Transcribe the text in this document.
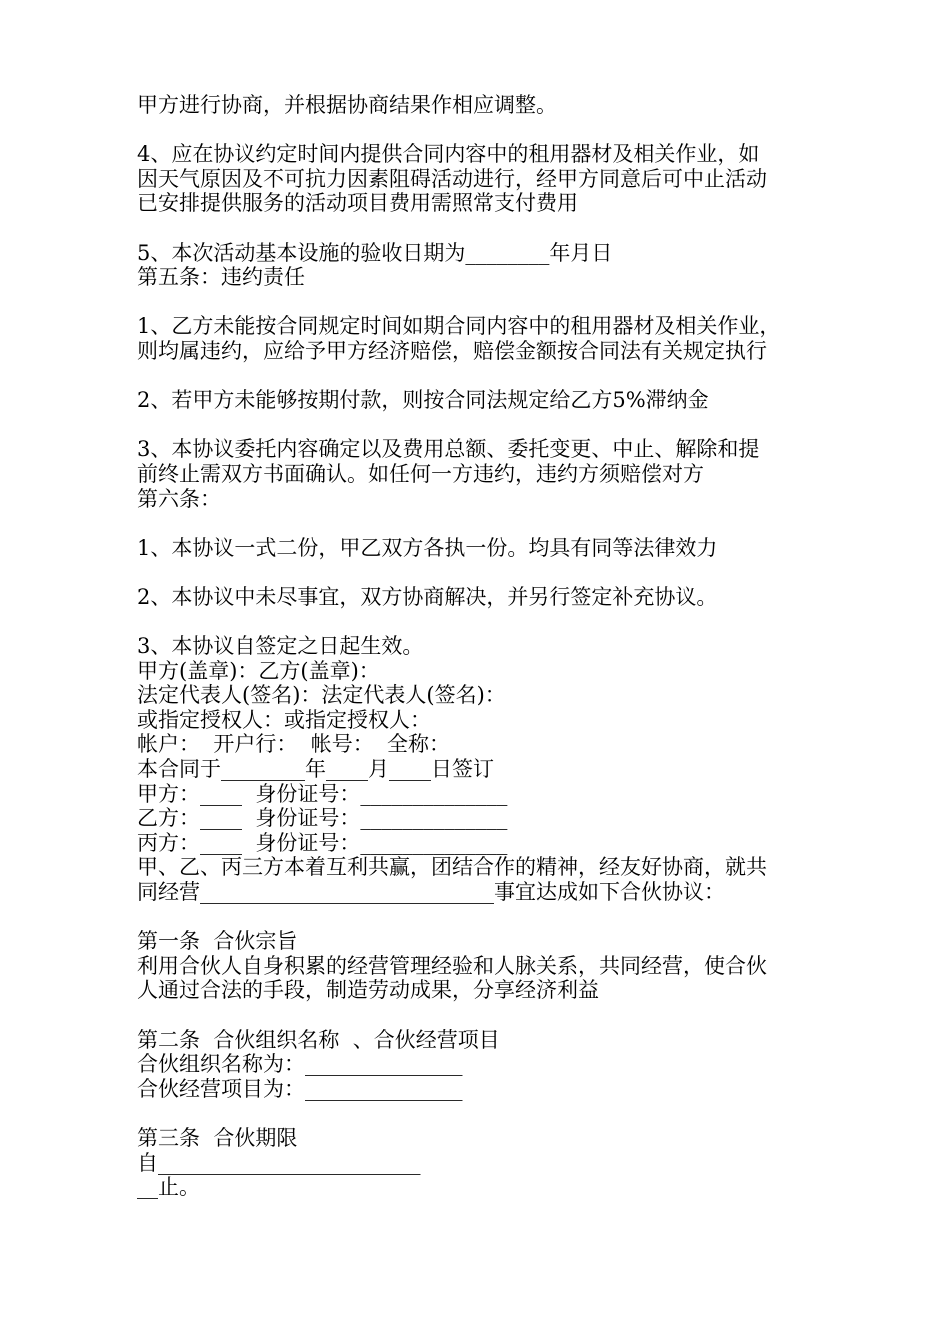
甲方进行协商，并根据协商结果作相应调整。
4、应在协议约定时间内提供合同内容中的租用器材及相关作业，如
因天气原因及不可抗力因素阻碍活动进行，经甲方同意后可中止活动
已安排提供服务的活动项目费用需照常支付费用
5、本次活动基本设施的验收日期为________年月日
第五条：违约责任
1、乙方未能按合同规定时间如期合同内容中的租用器材及相关作业，
则均属违约，应给予甲方经济赔偿，赔偿金额按合同法有关规定执行
2、若甲方未能够按期付款，则按合同法规定给乙方5%滞纳金
3、本协议委托内容确定以及费用总额、委托变更、中止、解除和提
前终止需双方书面确认。如任何一方违约，违约方须赔偿对方
第六条：
1、本协议一式二份，甲乙双方各执一份。均具有同等法律效力
2、本协议中未尽事宜，双方协商解决，并另行签定补充协议。
3、本协议自签定之日起生效。
甲方(盖章)：乙方(盖章)：
法定代表人(签名)：法定代表人(签名)：
或指定授权人：或指定授权人：
帐户：  开户行：  帐号：  全称：
本合同于________年____月____日签订
甲方：____  身份证号：______________
乙方：____  身份证号：______________
丙方：____  身份证号：______________
甲、乙、丙三方本着互利共赢，团结合作的精神，经友好协商，就共
同经营____________________________事宜达成如下合伙协议：
第一条  合伙宗旨
利用合伙人自身积累的经营管理经验和人脉关系，共同经营，使合伙
人通过合法的手段，制造劳动成果，分享经济利益
第二条  合伙组织名称  、合伙经营项目
合伙组织名称为：_______________
合伙经营项目为：_______________
第三条  合伙期限
自_________________________
__止。
